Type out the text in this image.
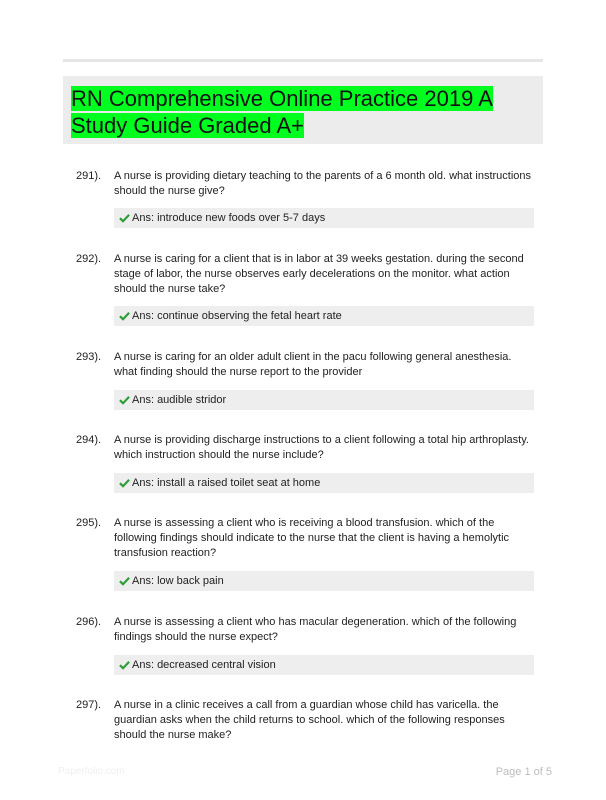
RN Comprehensive Online Practice 2019 A Study Guide Graded A+
291). A nurse is providing dietary teaching to the parents of a 6 month old. what instructions should the nurse give?
Ans: introduce new foods over 5-7 days
292). A nurse is caring for a client that is in labor at 39 weeks gestation. during the second stage of labor, the nurse observes early decelerations on the monitor. what action should the nurse take?
Ans: continue observing the fetal heart rate
293). A nurse is caring for an older adult client in the pacu following general anesthesia. what finding should the nurse report to the provider
Ans: audible stridor
294). A nurse is providing discharge instructions to a client following a total hip arthroplasty. which instruction should the nurse include?
Ans: install a raised toilet seat at home
295). A nurse is assessing a client who is receiving a blood transfusion. which of the following findings should indicate to the nurse that the client is having a hemolytic transfusion reaction?
Ans: low back pain
296). A nurse is assessing a client who has macular degeneration. which of the following findings should the nurse expect?
Ans: decreased central vision
297). A nurse in a clinic receives a call from a guardian whose child has varicella. the guardian asks when the child returns to school. which of the following responses should the nurse make?
Paperfolio.com	Page 1 of 5
